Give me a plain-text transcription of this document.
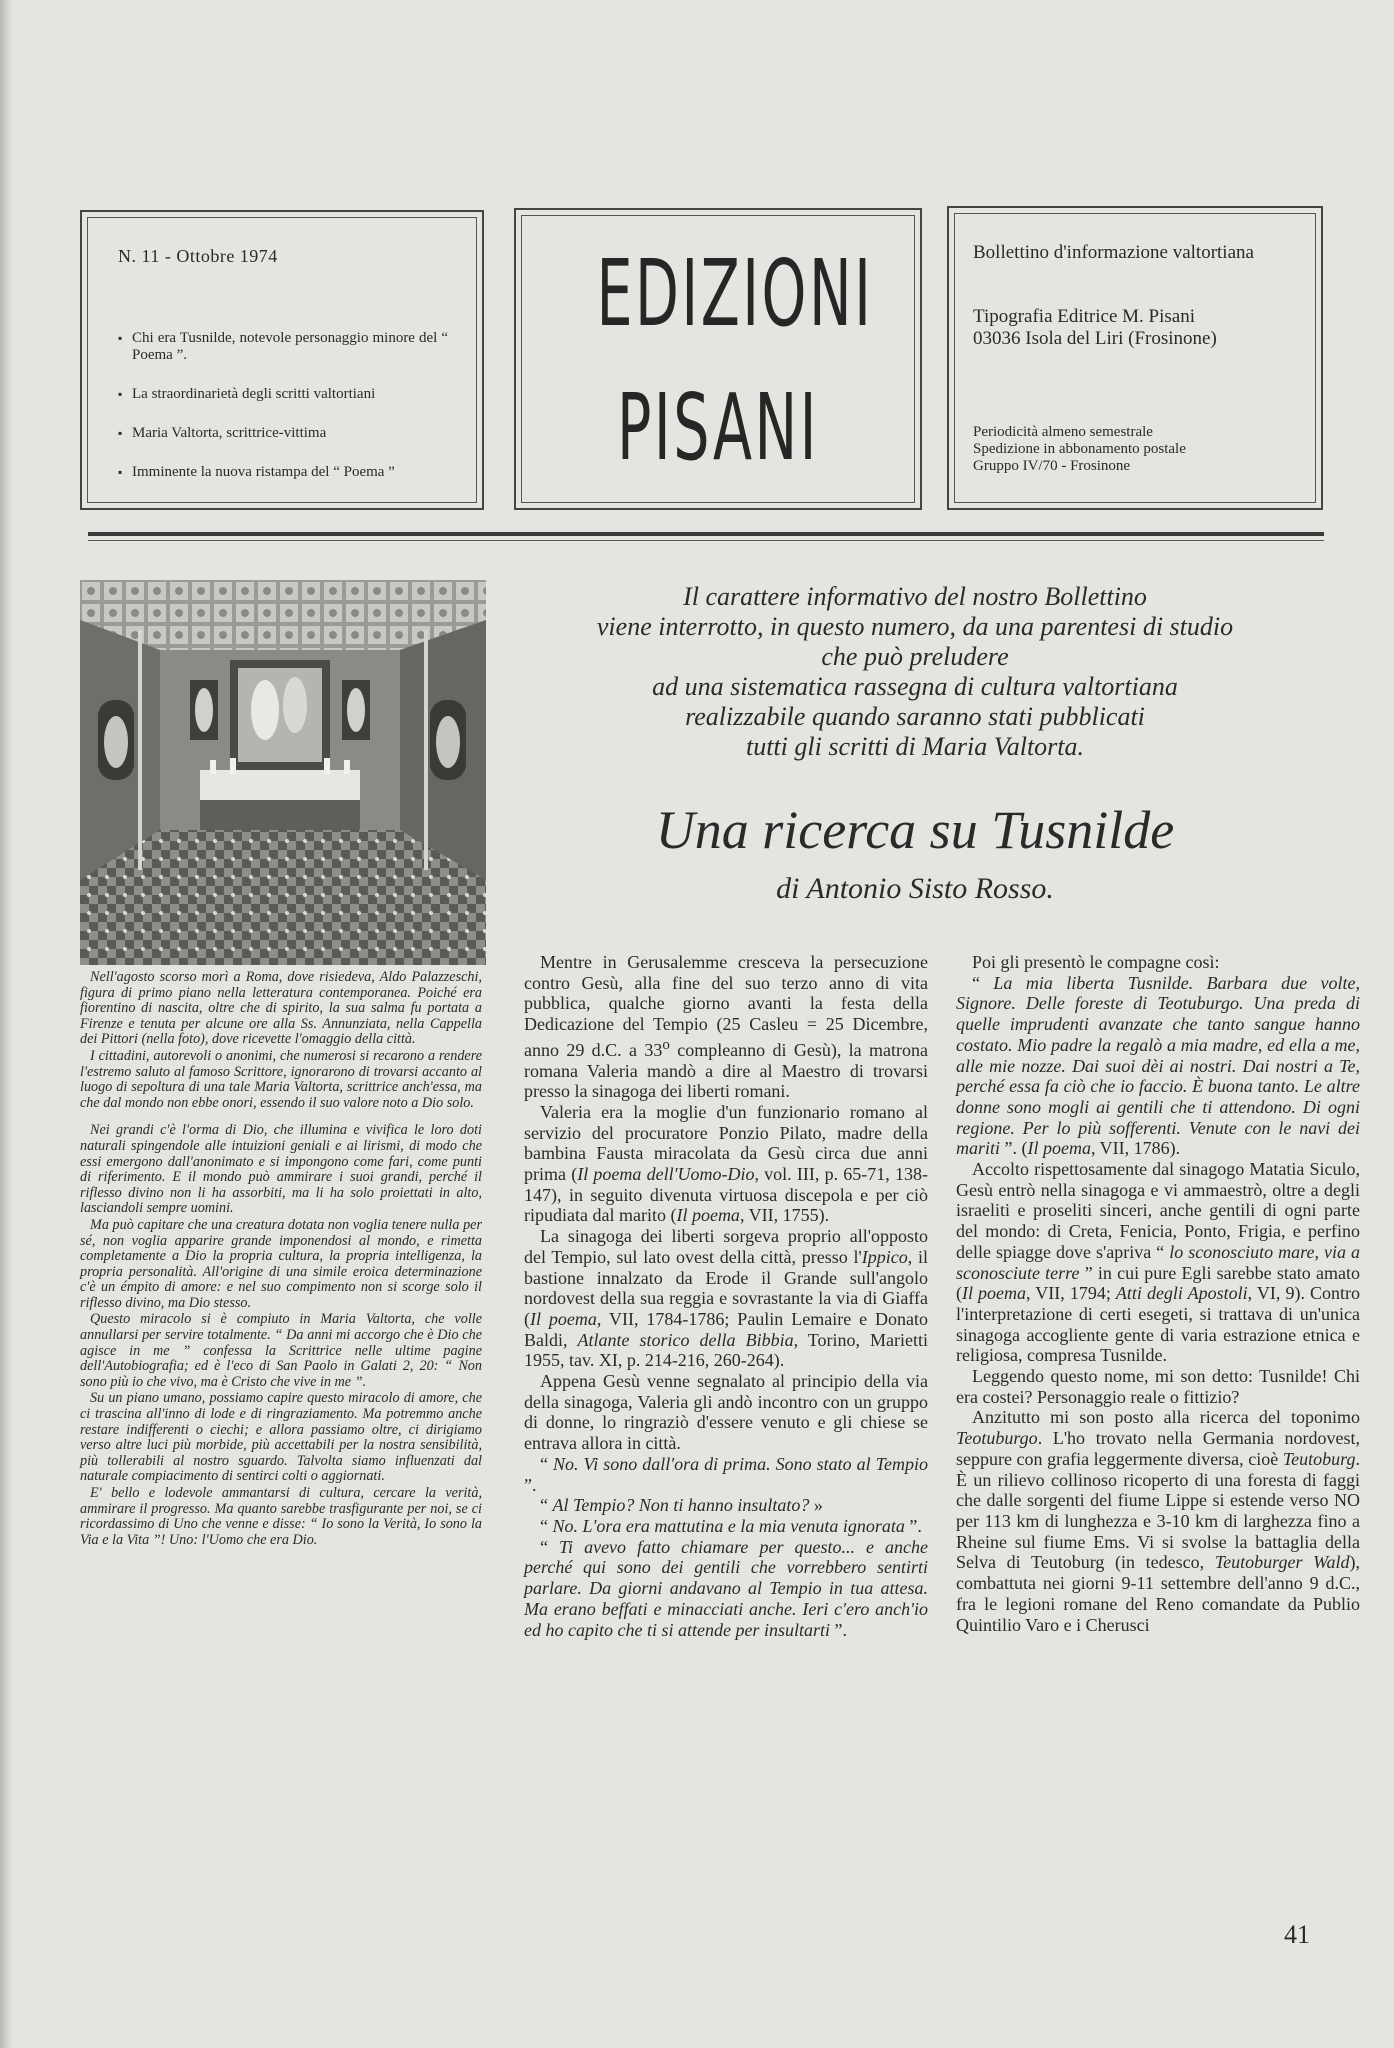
N. 11 - Ottobre 1974
▪ Chi era Tusnilde, notevole personaggio minore del “ Poema ”.
▪ La straordinarietà degli scritti valtortiani
▪ Maria Valtorta, scrittrice-vittima
▪ Imminente la nuova ristampa del “ Poema ”
EDIZIONI
PISANI
Bollettino d'informazione valtortiana
Tipografia Editrice M. Pisani
03036 Isola del Liri (Frosinone)
Periodicità almeno semestrale
Spedizione in abbonamento postale
Gruppo IV/70 - Frosinone

Nell'agosto scorso morì a Roma, dove risiedeva, Aldo Palazzeschi, figura di primo piano nella letteratura contemporanea. Poiché era fiorentino di nascita, oltre che di spirito, la sua salma fu portata a Firenze e tenuta per alcune ore alla Ss. Annunziata, nella Cappella dei Pittori (nella foto), dove ricevette l'omaggio della città.

I cittadini, autorevoli o anonimi, che numerosi si recarono a rendere l'estremo saluto al famoso Scrittore, ignorarono di trovarsi accanto al luogo di sepoltura di una tale Maria Valtorta, scrittrice anch'essa, ma che dal mondo non ebbe onori, essendo il suo valore noto a Dio solo.

Nei grandi c'è l'orma di Dio, che illumina e vivifica le loro doti naturali spingendole alle intuizioni geniali e ai lirismi, di modo che essi emergono dall'anonimato e si impongono come fari, come punti di riferimento. E il mondo può ammirare i suoi grandi, perché il riflesso divino non li ha assorbiti, ma li ha solo proiettati in alto, lasciandoli sempre uomini.

Ma può capitare che una creatura dotata non voglia tenere nulla per sé, non voglia apparire grande imponendosi al mondo, e rimetta completamente a Dio la propria cultura, la propria intelligenza, la propria personalità. All'origine di una simile eroica determinazione c'è un émpito di amore: e nel suo compimento non si scorge solo il riflesso divino, ma Dio stesso.

Questo miracolo si è compiuto in Maria Valtorta, che volle annullarsi per servire totalmente. “ Da anni mi accorgo che è Dio che agisce in me ” confessa la Scrittrice nelle ultime pagine dell'Autobiografia; ed è l'eco di San Paolo in Galati 2, 20: “ Non sono più io che vivo, ma è Cristo che vive in me ”.

Su un piano umano, possiamo capire questo miracolo di amore, che ci trascina all'inno di lode e di ringraziamento. Ma potremmo anche restare indifferenti o ciechi; e allora passiamo oltre, ci dirigiamo verso altre luci più morbide, più accettabili per la nostra sensibilità, più tollerabili al nostro sguardo. Talvolta siamo influenzati dal naturale compiacimento di sentirci colti o aggiornati.

E' bello e lodevole ammantarsi di cultura, cercare la verità, ammirare il progresso. Ma quanto sarebbe trasfigurante per noi, se ci ricordassimo di Uno che venne e disse: “ Io sono la Verità, Io sono la Via e la Vita ”! Uno: l'Uomo che era Dio.

Il carattere informativo del nostro Bollettino
viene interrotto, in questo numero, da una parentesi di studio
che può preludere
ad una sistematica rassegna di cultura valtortiana
realizzabile quando saranno stati pubblicati
tutti gli scritti di Maria Valtorta.
Una ricerca su Tusnilde
di Antonio Sisto Rosso.

Mentre in Gerusalemme cresceva la persecuzione contro Gesù, alla fine del suo terzo anno di vita pubblica, qualche giorno avanti la festa della Dedicazione del Tempio (25 Casleu = 25 Dicembre, anno 29 d.C. a 33$^o$ compleanno di Gesù), la matrona romana Valeria mandò a dire al Maestro di trovarsi presso la sinagoga dei liberti romani.

Valeria era la moglie d'un funzionario romano al servizio del procuratore Ponzio Pilato, madre della bambina Fausta miracolata da Gesù circa due anni prima (Il poema dell'Uomo-Dio, vol. III, p. 65-71, 138-147), in seguito divenuta virtuosa discepola e per ciò ripudiata dal marito (Il poema, VII, 1755).

La sinagoga dei liberti sorgeva proprio all'opposto del Tempio, sul lato ovest della città, presso l'Ippico, il bastione innalzato da Erode il Grande sull'angolo nordovest della sua reggia e sovrastante la via di Giaffa (Il poema, VII, 1784-1786; Paulin Lemaire e Donato Baldi, Atlante storico della Bibbia, Torino, Marietti 1955, tav. XI, p. 214-216, 260-264).

Appena Gesù venne segnalato al principio della via della sinagoga, Valeria gli andò incontro con un gruppo di donne, lo ringraziò d'essere venuto e gli chiese se entrava allora in città.

“ No. Vi sono dall'ora di prima. Sono stato al Tempio ”.

“ Al Tempio? Non ti hanno insultato? »

“ No. L'ora era mattutina e la mia venuta ignorata ”.

“ Ti avevo fatto chiamare per questo... e anche perché qui sono dei gentili che vorrebbero sentirti parlare. Da giorni andavano al Tempio in tua attesa. Ma erano beffati e minacciati anche. Ieri c'ero anch'io ed ho capito che ti si attende per insultarti ”.

Poi gli presentò le compagne così:

“ La mia liberta Tusnilde. Barbara due volte, Signore. Delle foreste di Teotuburgo. Una preda di quelle imprudenti avanzate che tanto sangue hanno costato. Mio padre la regalò a mia madre, ed ella a me, alle mie nozze. Dai suoi dèi ai nostri. Dai nostri a Te, perché essa fa ciò che io faccio. È buona tanto. Le altre donne sono mogli ai gentili che ti attendono. Di ogni regione. Per lo più sofferenti. Venute con le navi dei mariti ”. (Il poema, VII, 1786).

Accolto rispettosamente dal sinagogo Matatia Siculo, Gesù entrò nella sinagoga e vi ammaestrò, oltre a degli israeliti e proseliti sinceri, anche gentili di ogni parte del mondo: di Creta, Fenicia, Ponto, Frigia, e perfino delle spiagge dove s'apriva “ lo sconosciuto mare, via a sconosciute terre ” in cui pure Egli sarebbe stato amato (Il poema, VII, 1794; Atti degli Apostoli, VI, 9). Contro l'interpretazione di certi esegeti, si trattava di un'unica sinagoga accogliente gente di varia estrazione etnica e religiosa, compresa Tusnilde.

Leggendo questo nome, mi son detto: Tusnilde! Chi era costei? Personaggio reale o fittizio?

Anzitutto mi son posto alla ricerca del toponimo Teotuburgo. L'ho trovato nella Germania nordovest, seppure con grafia leggermente diversa, cioè Teutoburg. È un rilievo collinoso ricoperto di una foresta di faggi che dalle sorgenti del fiume Lippe si estende verso NO per 113 km di lunghezza e 3-10 km di larghezza fino a Rheine sul fiume Ems. Vi si svolse la battaglia della Selva di Teutoburg (in tedesco, Teutoburger Wald), combattuta nei giorni 9-11 settembre dell'anno 9 d.C., fra le legioni romane del Reno comandate da Publio Quintilio Varo e i Cherusci

41
